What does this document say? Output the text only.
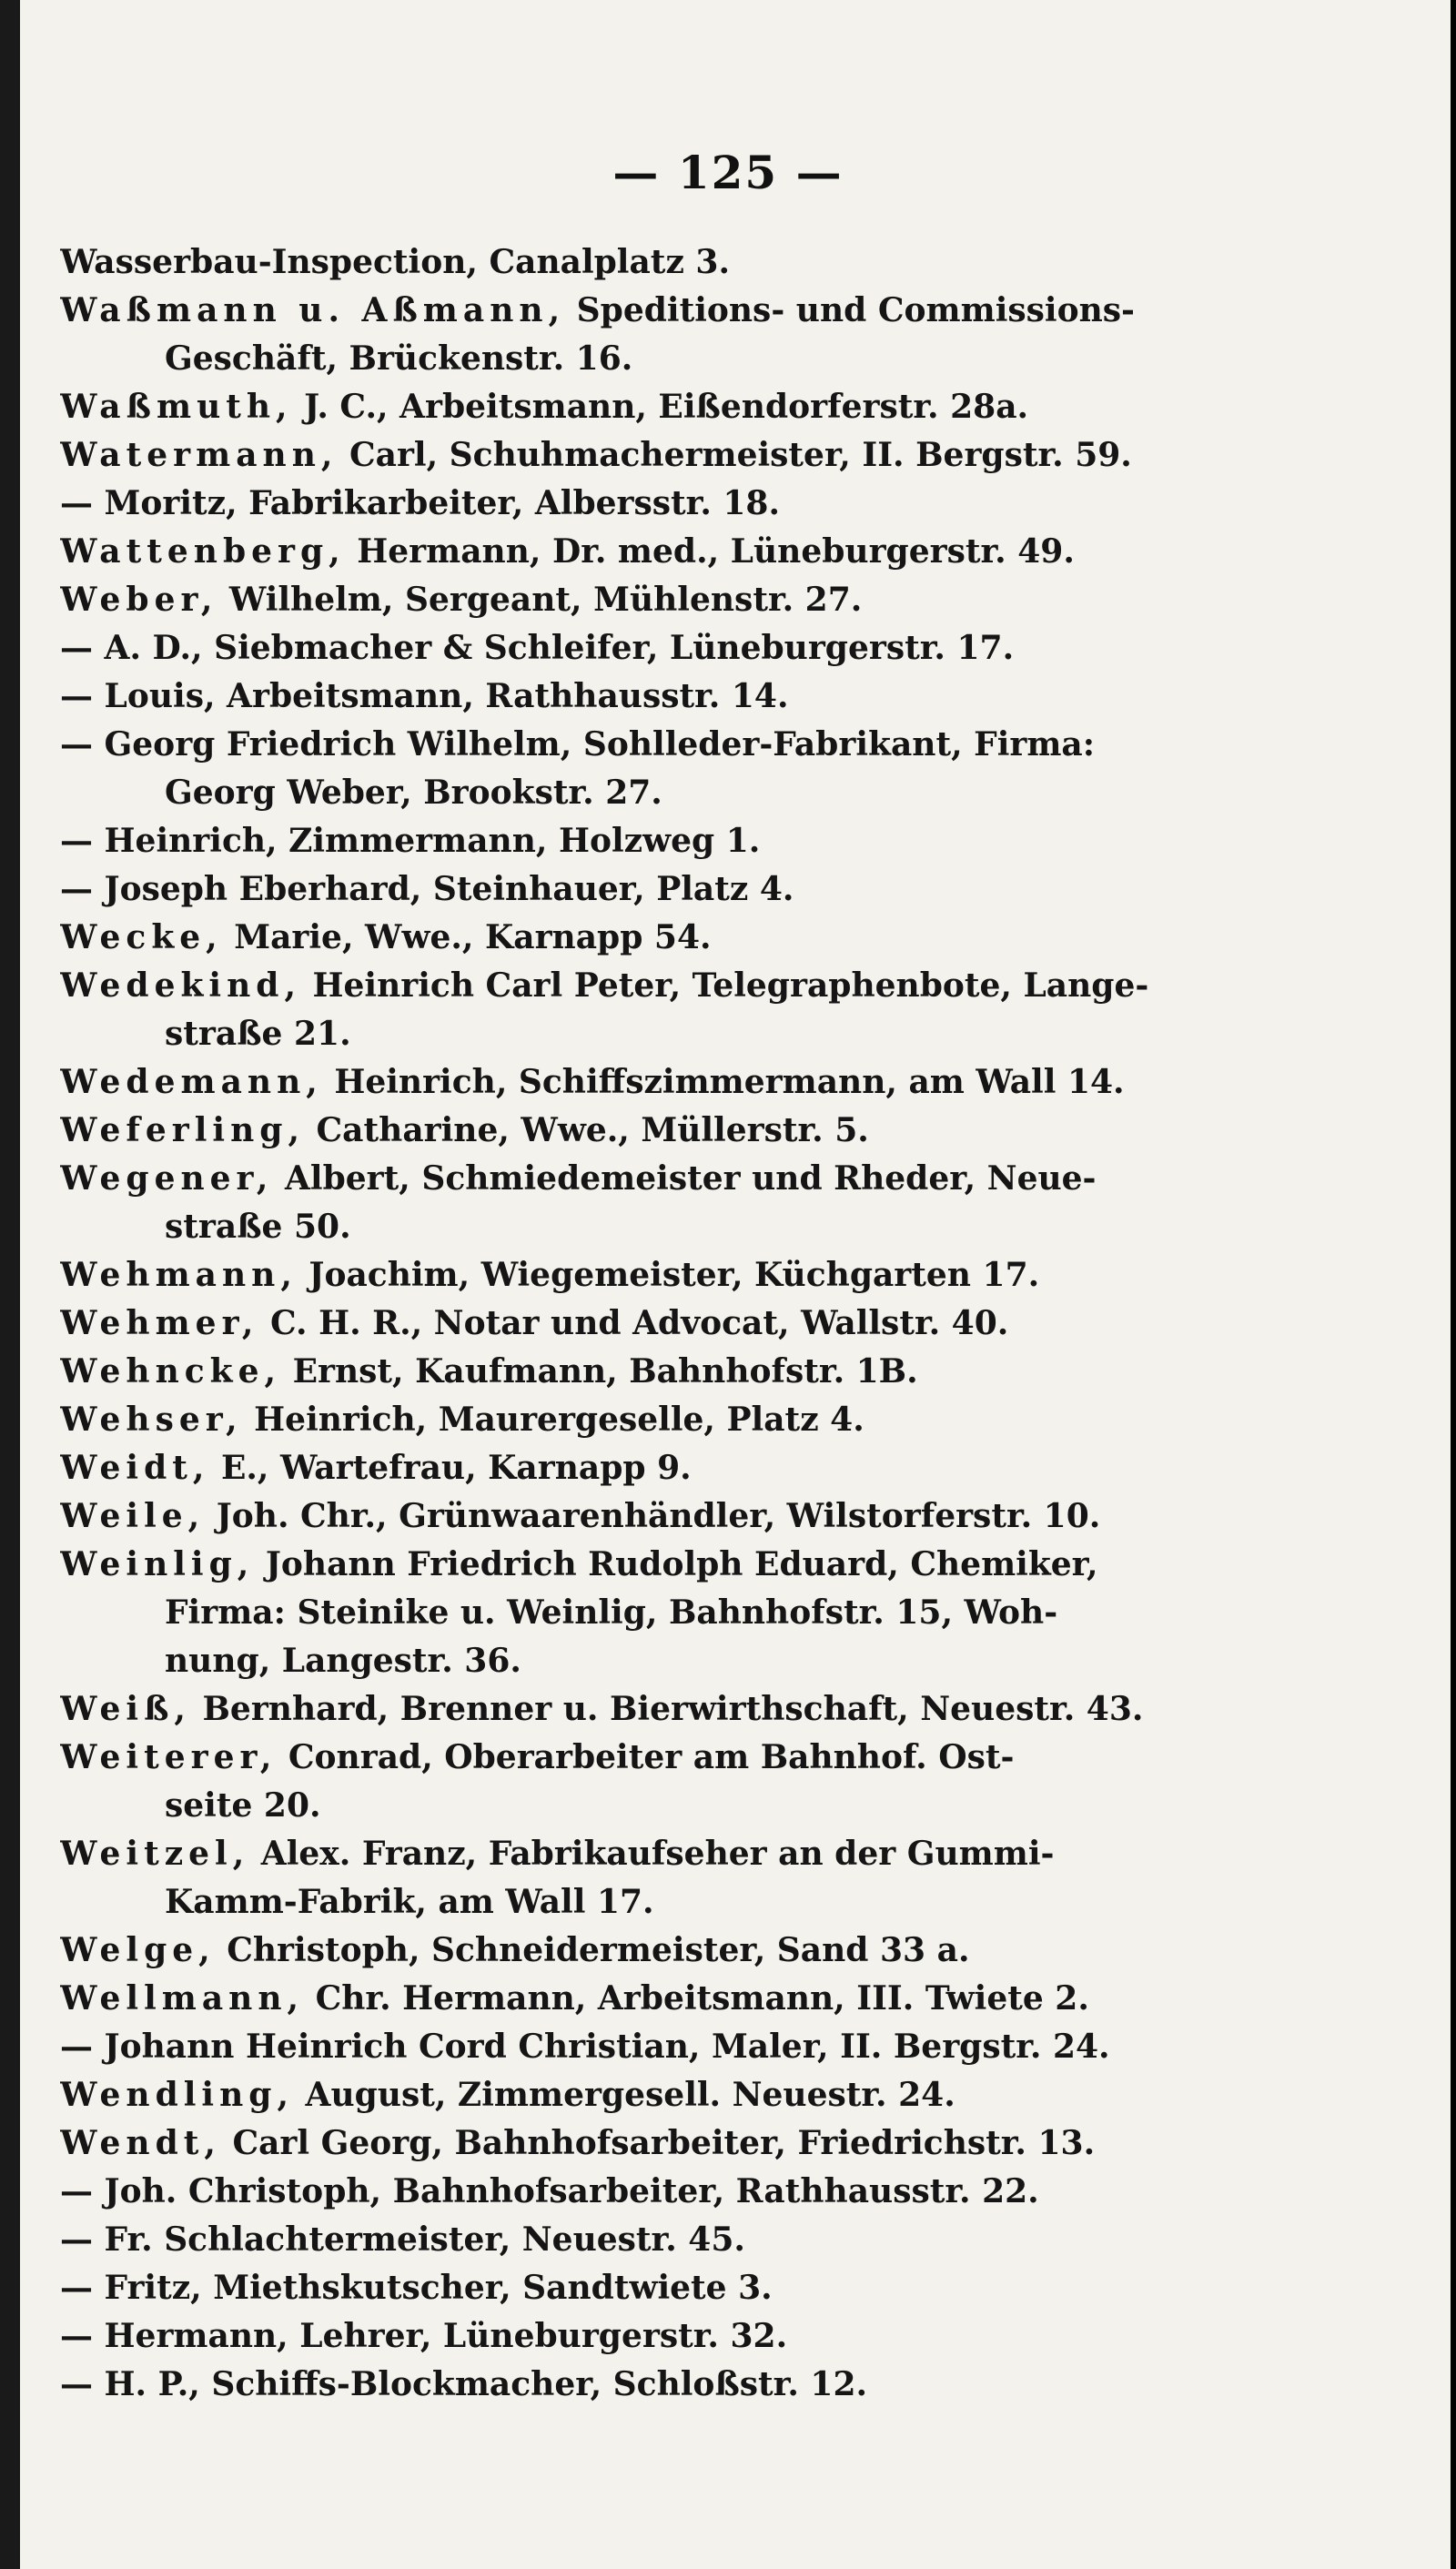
— 125 —
Wasserbau-Inspection, Canalplatz 3.
Waßmann u. Aßmann, Speditions- und Commissions-
Geschäft, Brückenstr. 16.
Waßmuth, J. C., Arbeitsmann, Eißendorferstr. 28a.
Watermann, Carl, Schuhmachermeister, II. Bergstr. 59.
— Moritz, Fabrikarbeiter, Albersstr. 18.
Wattenberg, Hermann, Dr. med., Lüneburgerstr. 49.
Weber, Wilhelm, Sergeant, Mühlenstr. 27.
— A. D., Siebmacher & Schleifer, Lüneburgerstr. 17.
— Louis, Arbeitsmann, Rathhausstr. 14.
— Georg Friedrich Wilhelm, Sohlleder-Fabrikant, Firma:
Georg Weber, Brookstr. 27.
— Heinrich, Zimmermann, Holzweg 1.
— Joseph Eberhard, Steinhauer, Platz 4.
Wecke, Marie, Wwe., Karnapp 54.
Wedekind, Heinrich Carl Peter, Telegraphenbote, Lange-
straße 21.
Wedemann, Heinrich, Schiffszimmermann, am Wall 14.
Weferling, Catharine, Wwe., Müllerstr. 5.
Wegener, Albert, Schmiedemeister und Rheder, Neue-
straße 50.
Wehmann, Joachim, Wiegemeister, Küchgarten 17.
Wehmer, C. H. R., Notar und Advocat, Wallstr. 40.
Wehncke, Ernst, Kaufmann, Bahnhofstr. 1B.
Wehser, Heinrich, Maurergeselle, Platz 4.
Weidt, E., Wartefrau, Karnapp 9.
Weile, Joh. Chr., Grünwaarenhändler, Wilstorferstr. 10.
Weinlig, Johann Friedrich Rudolph Eduard, Chemiker,
Firma: Steinike u. Weinlig, Bahnhofstr. 15, Woh-
nung, Langestr. 36.
Weiß, Bernhard, Brenner u. Bierwirthschaft, Neuestr. 43.
Weiterer, Conrad, Oberarbeiter am Bahnhof. Ost-
seite 20.
Weitzel, Alex. Franz, Fabrikaufseher an der Gummi-
Kamm-Fabrik, am Wall 17.
Welge, Christoph, Schneidermeister, Sand 33 a.
Wellmann, Chr. Hermann, Arbeitsmann, III. Twiete 2.
— Johann Heinrich Cord Christian, Maler, II. Bergstr. 24.
Wendling, August, Zimmergesell. Neuestr. 24.
Wendt, Carl Georg, Bahnhofsarbeiter, Friedrichstr. 13.
— Joh. Christoph, Bahnhofsarbeiter, Rathhausstr. 22.
— Fr. Schlachtermeister, Neuestr. 45.
— Fritz, Miethskutscher, Sandtwiete 3.
— Hermann, Lehrer, Lüneburgerstr. 32.
— H. P., Schiffs-Blockmacher, Schloßstr. 12.
